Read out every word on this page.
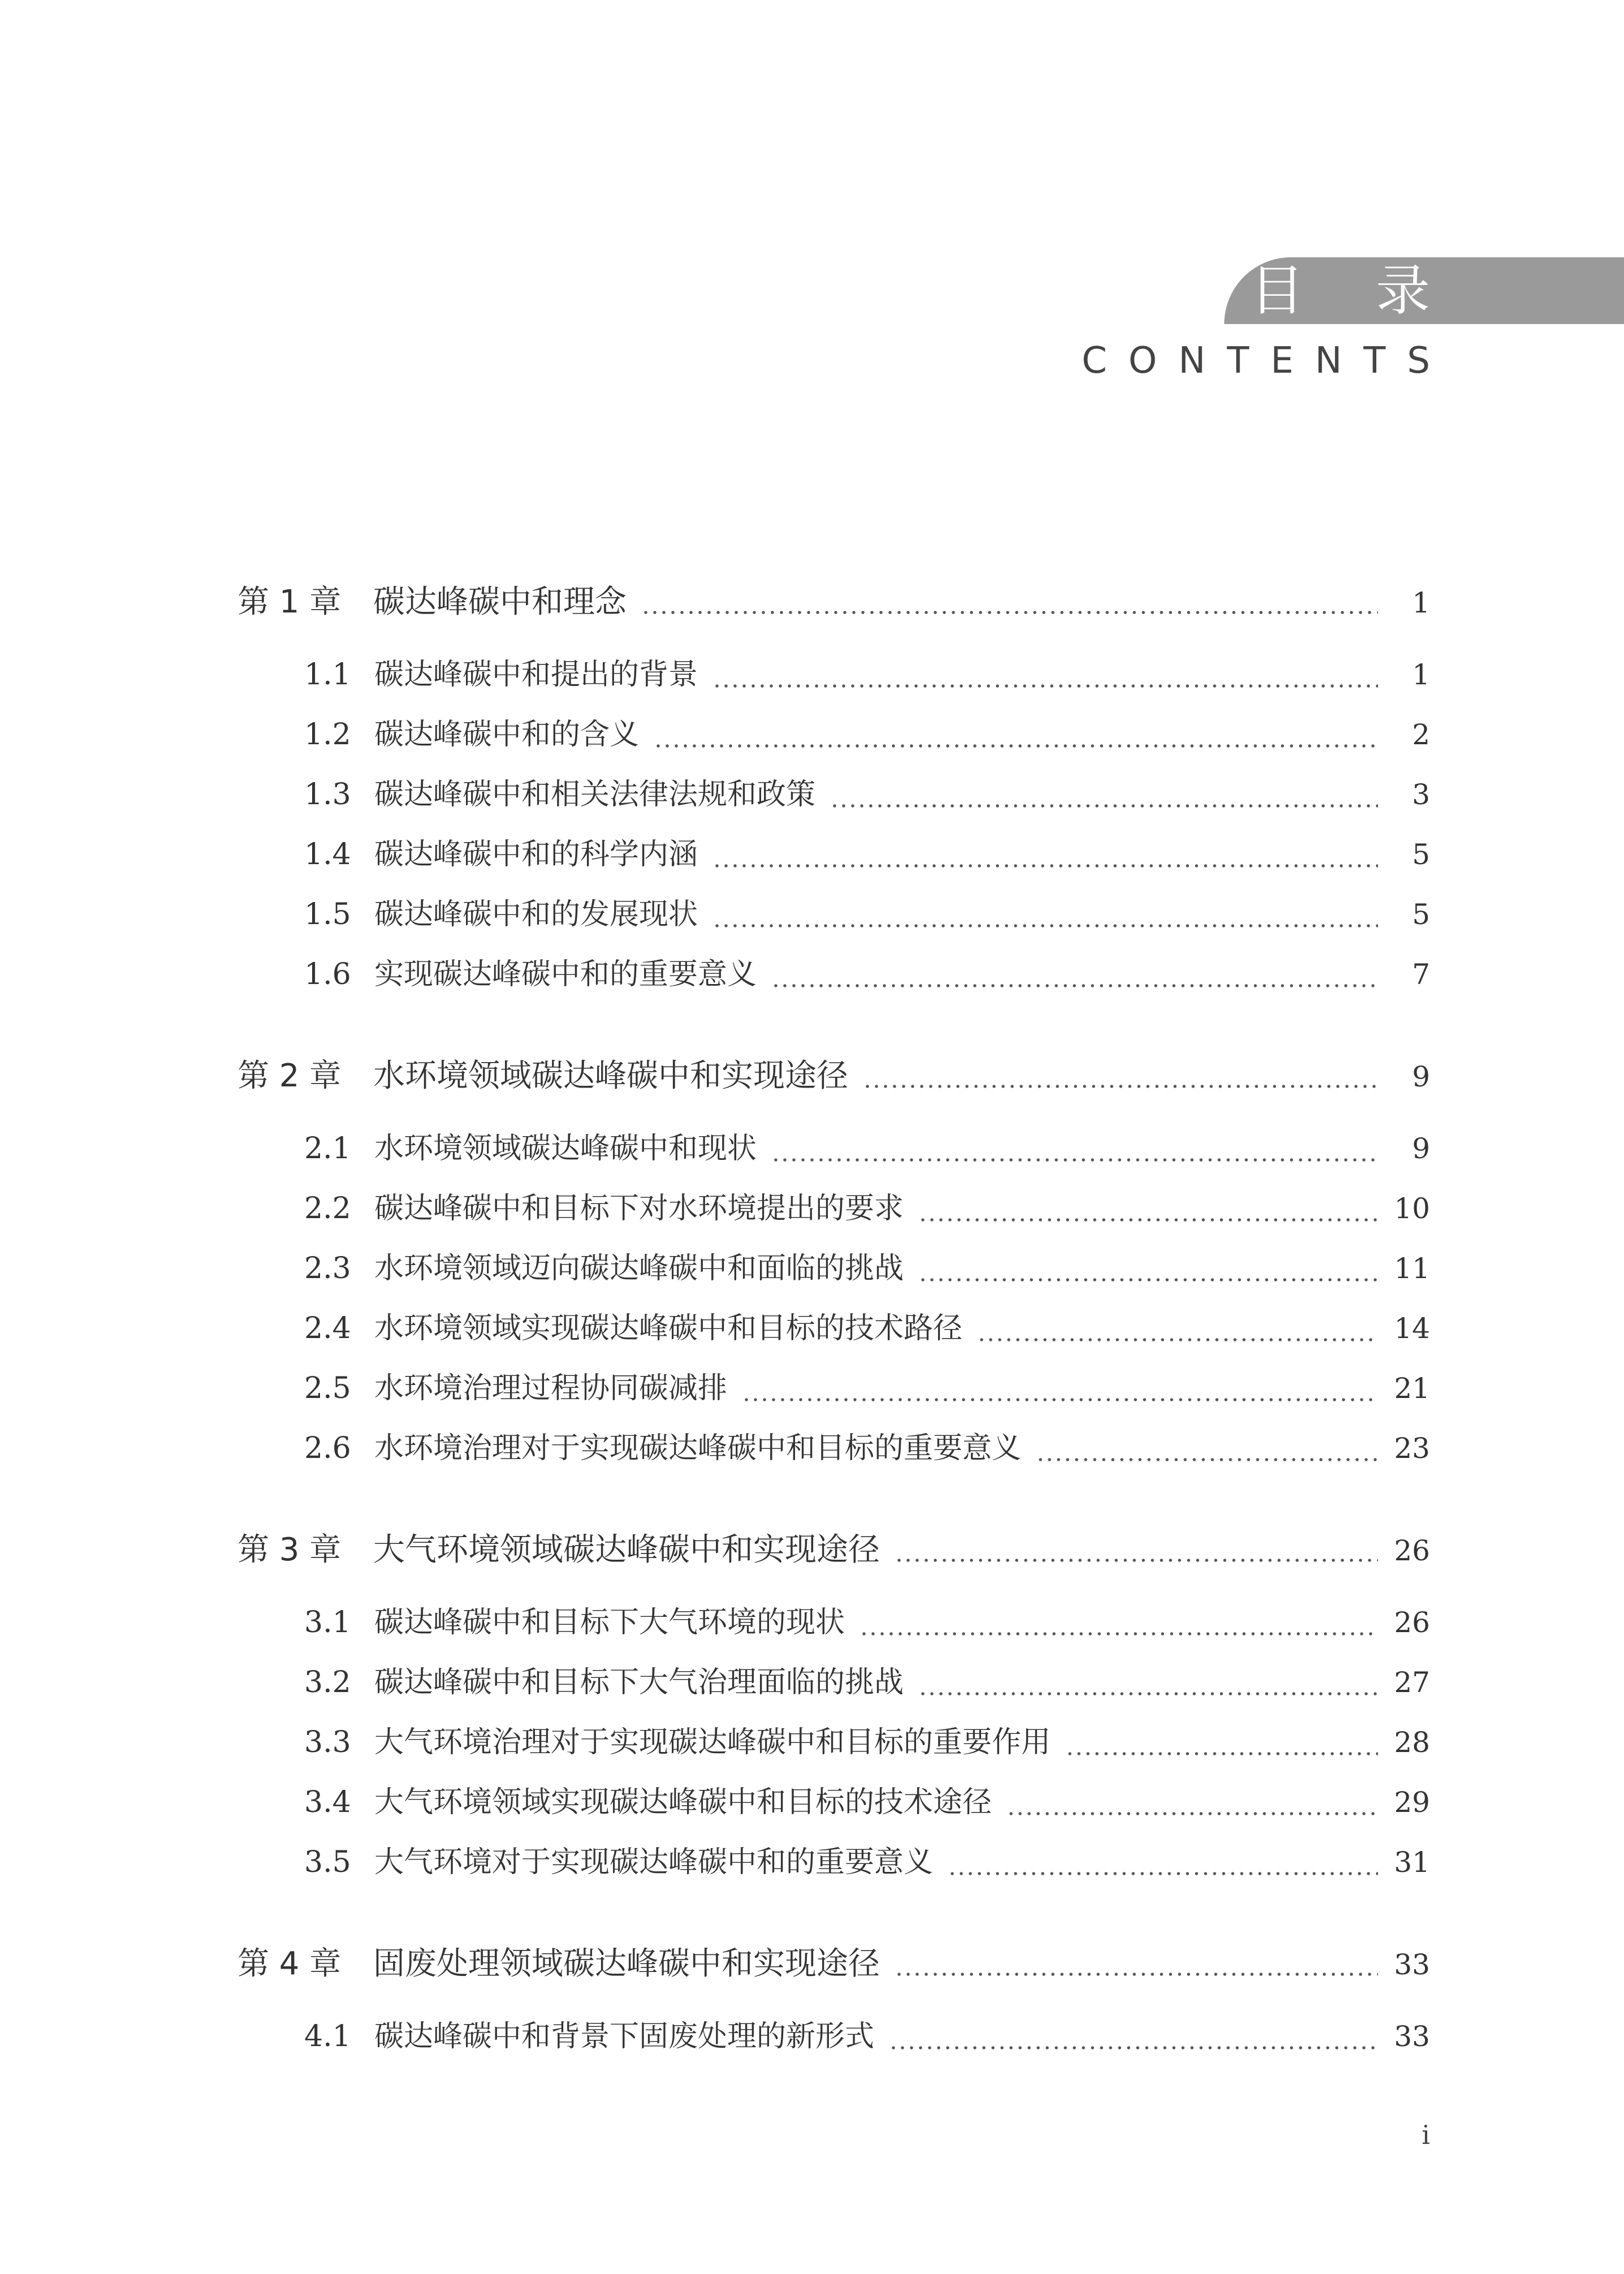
目 录
CONTENTS
第 1 章	碳达峰碳中和理念	1
1.1 碳达峰碳中和提出的背景	1
1.2 碳达峰碳中和的含义	2
1.3 碳达峰碳中和相关法律法规和政策	3
1.4 碳达峰碳中和的科学内涵	5
1.5 碳达峰碳中和的发展现状	5
1.6 实现碳达峰碳中和的重要意义	7
第 2 章	水环境领域碳达峰碳中和实现途径	9
2.1 水环境领域碳达峰碳中和现状	9
2.2 碳达峰碳中和目标下对水环境提出的要求	10
2.3 水环境领域迈向碳达峰碳中和面临的挑战	11
2.4 水环境领域实现碳达峰碳中和目标的技术路径	14
2.5 水环境治理过程协同碳减排	21
2.6 水环境治理对于实现碳达峰碳中和目标的重要意义	23
第 3 章	大气环境领域碳达峰碳中和实现途径	26
3.1 碳达峰碳中和目标下大气环境的现状	26
3.2 碳达峰碳中和目标下大气治理面临的挑战	27
3.3 大气环境治理对于实现碳达峰碳中和目标的重要作用	28
3.4 大气环境领域实现碳达峰碳中和目标的技术途径	29
3.5 大气环境对于实现碳达峰碳中和的重要意义	31
第 4 章	固废处理领域碳达峰碳中和实现途径	33
4.1 碳达峰碳中和背景下固废处理的新形式	33
i
